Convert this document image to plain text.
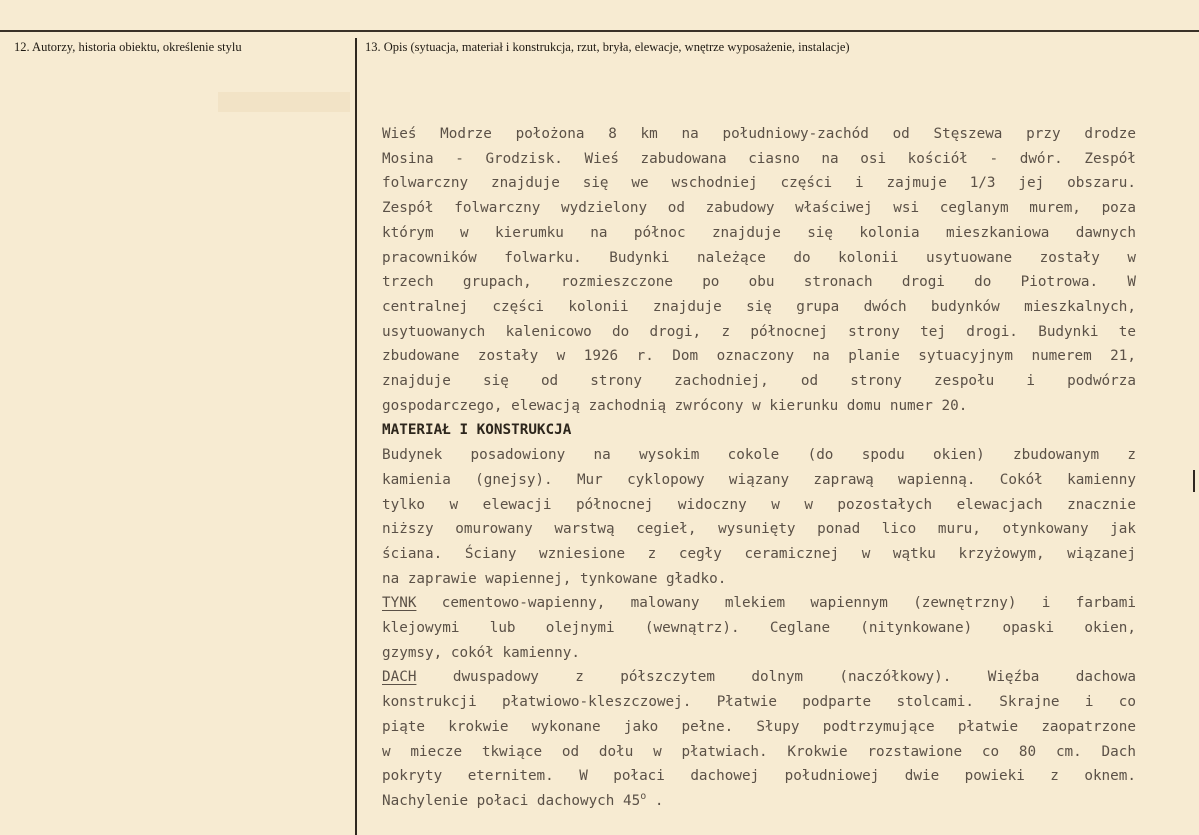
12. Autorzy, historia obiektu, określenie stylu	13. Opis (sytuacja, materiał i konstrukcja, rzut, bryła, elewacje, wnętrze wyposażenie, instalacje)
Wieś Modrze położona 8 km na południowy-zachód od Stęszewa przy drodze
Mosina - Grodzisk. Wieś zabudowana ciasno na osi kościół - dwór. Zespół
folwarczny znajduje się we wschodniej części i zajmuje 1/3 jej obszaru.
Zespół folwarczny wydzielony od zabudowy właściwej wsi ceglanym murem, poza
którym w kierumku na północ znajduje się kolonia mieszkaniowa dawnych
pracowników folwarku. Budynki należące do kolonii usytuowane zostały w
trzech grupach, rozmieszczone po obu stronach drogi do Piotrowa. W
centralnej części kolonii znajduje się grupa dwóch budynków mieszkalnych,
usytuowanych kalenicowo do drogi, z północnej strony tej drogi. Budynki te
zbudowane zostały w 1926 r. Dom oznaczony na planie sytuacyjnym numerem 21,
znajduje się od strony zachodniej, od strony zespołu i podwórza
gospodarczego, elewacją zachodnią zwrócony w kierunku domu numer 20.
MATERIAŁ I KONSTRUKCJA
Budynek posadowiony na wysokim cokole (do spodu okien) zbudowanym z
kamienia (gnejsy). Mur cyklopowy wiązany zaprawą wapienną. Cokół kamienny
tylko w elewacji północnej widoczny w w pozostałych elewacjach znacznie
niższy omurowany warstwą cegieł, wysunięty ponad lico muru, otynkowany jak
ściana. Ściany wzniesione z cegły ceramicznej w wątku krzyżowym, wiązanej
na zaprawie wapiennej, tynkowane gładko.
TYNK cementowo-wapienny, malowany mlekiem wapiennym (zewnętrzny) i farbami
klejowymi lub olejnymi (wewnątrz). Ceglane (nitynkowane) opaski okien,
gzymsy, cokół kamienny.
DACH	dwuspadowy z półszczytem dolnym (naczółkowy). Więźba dachowa
konstrukcji płatwiowo-kleszczowej. Płatwie podparte stolcami. Skrajne i co
piąte krokwie wykonane jako pełne. Słupy podtrzymujące płatwie zaopatrzone
w miecze tkwiące od dołu w płatwiach. Krokwie rozstawione co 80 cm. Dach
pokryty eternitem. W połaci dachowej południowej dwie powieki z oknem.
Nachylenie połaci dachowych 45$^o$ .
